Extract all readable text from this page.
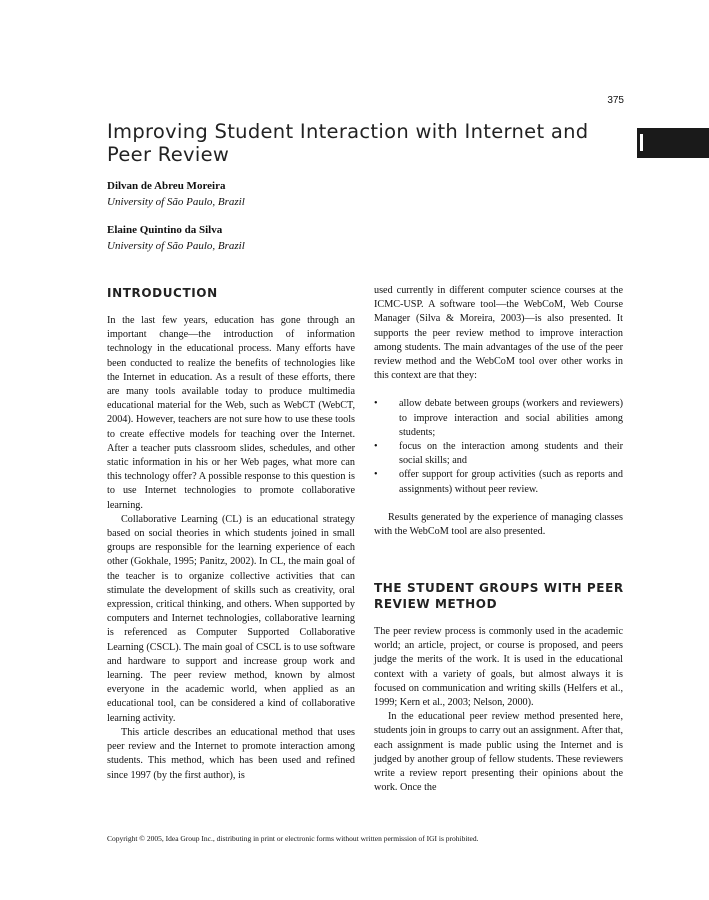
375
Improving Student Interaction with Internet and Peer Review
Dilvan de Abreu Moreira
University of São Paulo, Brazil
Elaine Quintino da Silva
University of São Paulo, Brazil
INTRODUCTION

In the last few years, education has gone through an important change—the introduction of information technology in the educational process. Many efforts have been conducted to realize the benefits of technologies like the Internet in education. As a result of these efforts, there are many tools available today to produce multimedia educational material for the Web, such as WebCT (WebCT, 2004). However, teachers are not sure how to use these tools to create effective models for teaching over the Internet. After a teacher puts classroom slides, schedules, and other static information in his or her Web pages, what more can this technology offer? A possible response to this question is to use Internet technologies to promote collaborative learning.

Collaborative Learning (CL) is an educational strategy based on social theories in which students joined in small groups are responsible for the learning experience of each other (Gokhale, 1995; Panitz, 2002). In CL, the main goal of the teacher is to organize collective activities that can stimulate the development of skills such as creativity, oral expression, critical thinking, and others. When supported by computers and Internet technologies, collaborative learning is referenced as Computer Supported Collaborative Learning (CSCL). The main goal of CSCL is to use software and hardware to support and increase group work and learning. The peer review method, known by almost everyone in the academic world, when applied as an educational tool, can be considered a kind of collaborative learning activity.

This article describes an educational method that uses peer review and the Internet to promote interaction among students. This method, which has been used and refined since 1997 (by the first author), is

used currently in different computer science courses at the ICMC-USP. A software tool—the WebCoM, Web Course Manager (Silva & Moreira, 2003)—is also presented. It supports the peer review method to improve interaction among students. The main advantages of the use of the peer review method and the WebCoM tool over other works in this context are that they:

• allow debate between groups (workers and reviewers) to improve interaction and social abilities among students;
• focus on the interaction among students and their social skills; and
• offer support for group activities (such as reports and assignments) without peer review.

Results generated by the experience of managing classes with the WebCoM tool are also presented.

THE STUDENT GROUPS WITH PEER REVIEW METHOD

The peer review process is commonly used in the academic world; an article, project, or course is proposed, and peers judge the merits of the work. It is used in the educational context with a variety of goals, but almost always it is focused on communication and writing skills (Helfers et al., 1999; Kern et al., 2003; Nelson, 2000).

In the educational peer review method presented here, students join in groups to carry out an assignment. After that, each assignment is made public using the Internet and is judged by another group of fellow students. These reviewers write a review report presenting their opinions about the work. Once the

Copyright © 2005, Idea Group Inc., distributing in print or electronic forms without written permission of IGI is prohibited.
